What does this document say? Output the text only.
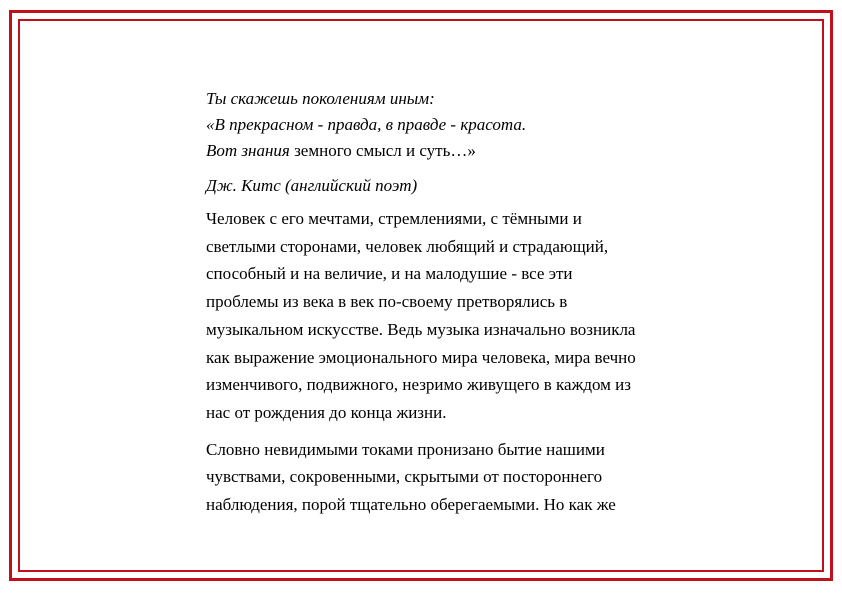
Ты скажешь поколениям иным:

«В прекрасном - правда, в правде - красота.

Вот знания земного смысл и суть…»

Дж. Китс (английский поэт)

Человек с его мечтами, стремлениями, с тёмными и
светлыми сторонами, человек любящий и страдающий,
способный и на величие, и на малодушие - все эти
проблемы из века в век по-своему претворялись в
музыкальном искусстве. Ведь музыка изначально возникла
как выражение эмоционального мира человека, мира вечно
изменчивого, подвижного, незримо живущего в каждом из
нас от рождения до конца жизни.

Словно невидимыми токами пронизано бытие нашими
чувствами, сокровенными, скрытыми от постороннего
наблюдения, порой тщательно оберегаемыми. Но как же
